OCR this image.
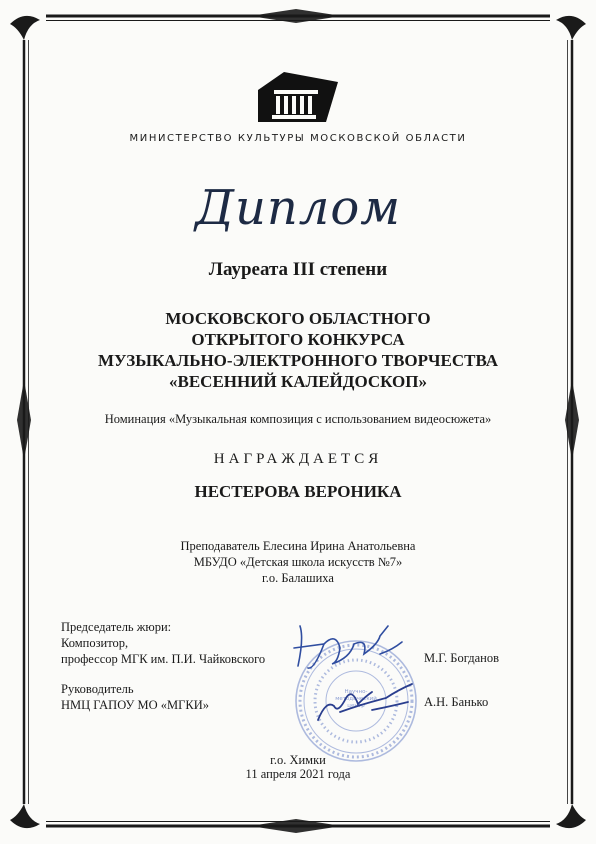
МИНИСТЕРСТВО КУЛЬТУРЫ МОСКОВСКОЙ ОБЛАСТИ
Диплом
Лауреата III степени
МОСКОВСКОГО ОБЛАСТНОГО
ОТКРЫТОГО КОНКУРСА
МУЗЫКАЛЬНО-ЭЛЕКТРОННОГО ТВОРЧЕСТВА
«ВЕСЕННИЙ КАЛЕЙДОСКОП»
Номинация «Музыкальная композиция с использованием видеосюжета»
НАГРАЖДАЕТСЯ
НЕСТЕРОВА ВЕРОНИКА
Преподаватель Елесина Ирина Анатольевна
МБУДО «Детская школа искусств №7»
г.о. Балашиха
Председатель жюри:
Композитор,
профессор МГК им. П.И. Чайковского	М.Г. Богданов
Руководитель
НМЦ ГАПОУ МО «МГКИ»	А.Н. Банько
Научно-методический центр
г.о. Химки
11 апреля 2021 года
